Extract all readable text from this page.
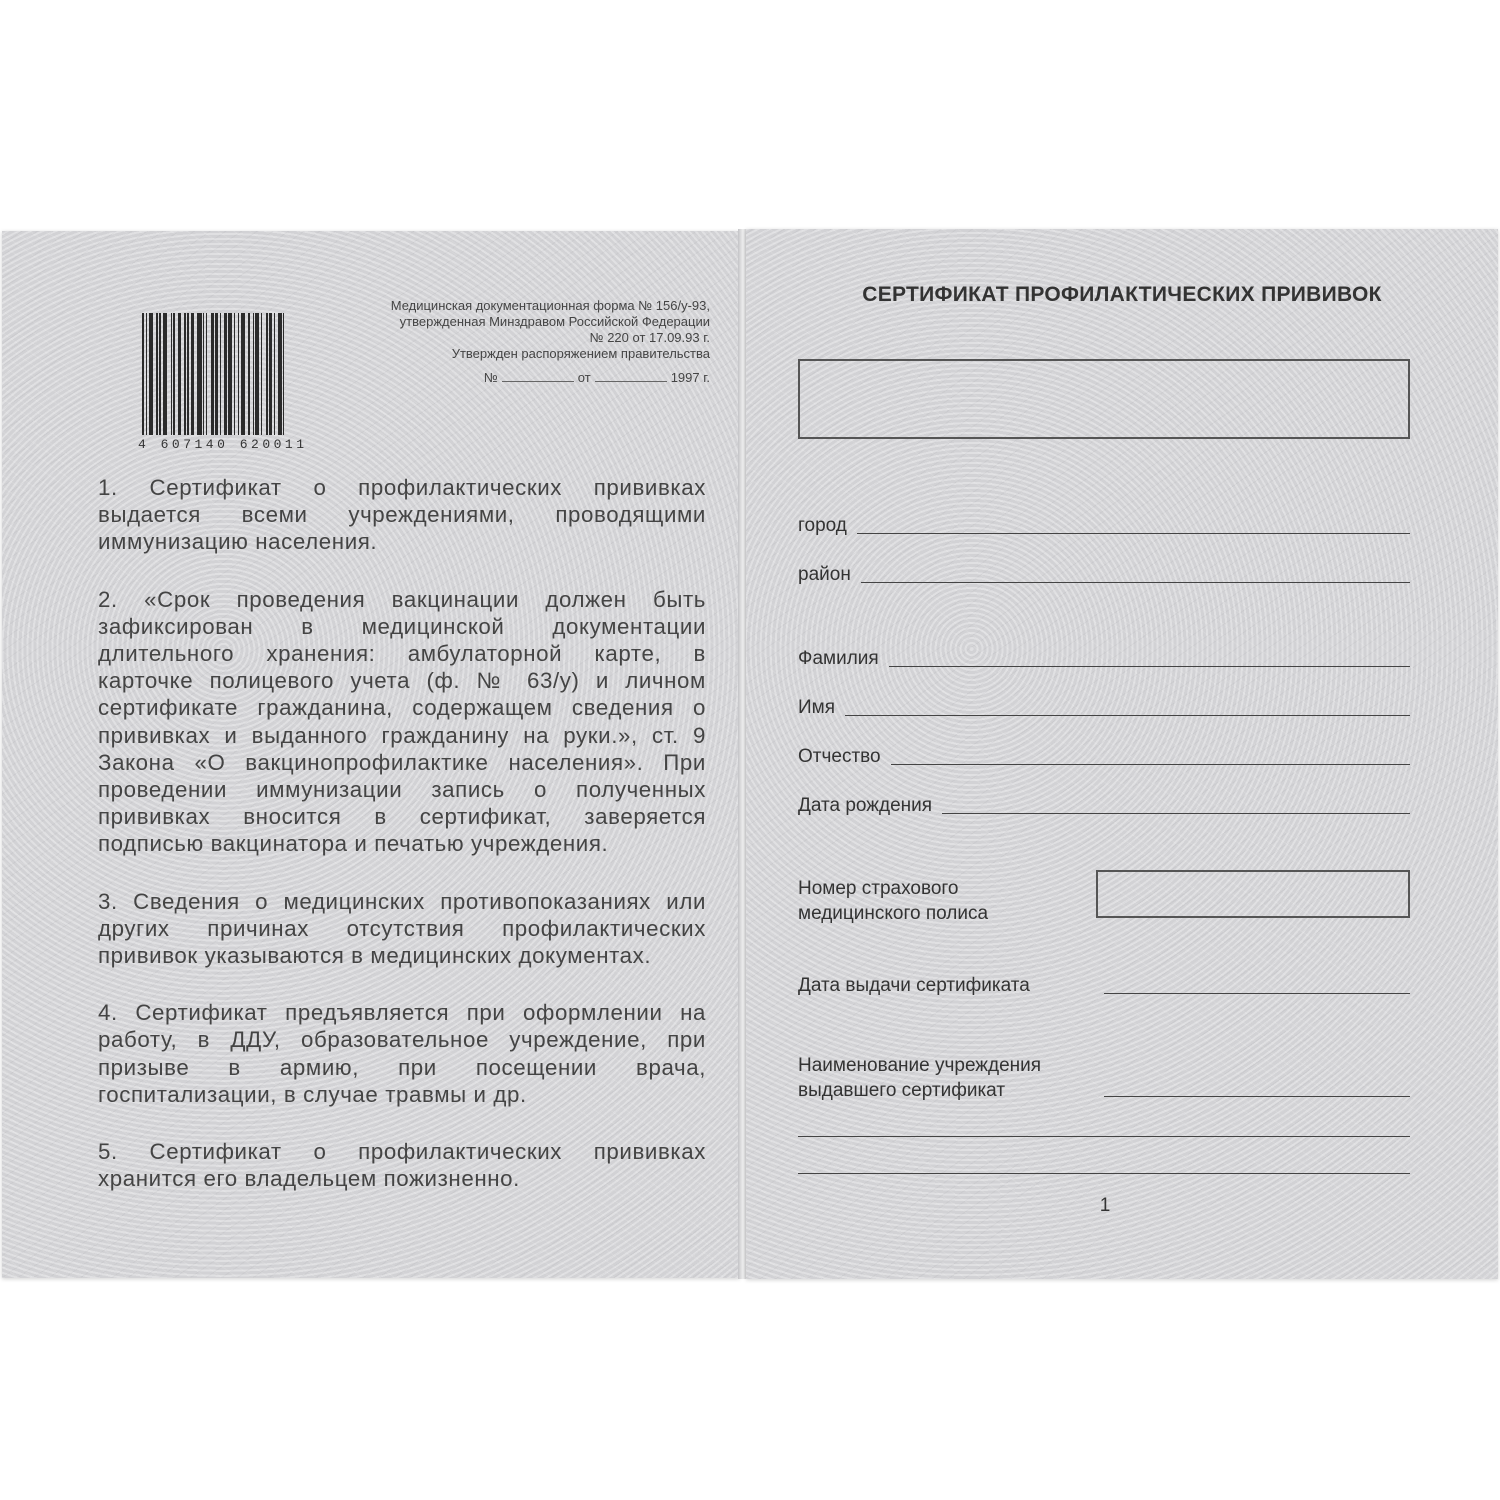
4 607140 620011
Медицинская документационная форма № 156/у-93,
утвержденная Минздравом Российской Федерации
№ 220 от 17.09.93 г.
Утвержден распоряжением правительства
№	от	1997 г.

1. Сертификат о профилактических прививках выдается всеми учреждениями, проводящими иммунизацию населения.

2. «Срок проведения вакцинации должен быть зафиксирован в медицинской документации длительного хранения: амбулаторной карте, в карточке полицевого учета (ф. № 63/у) и личном сертификате гражданина, содержащем сведения о прививках и выданного гражданину на руки.», ст. 9 Закона «О вакцинопрофилактике населения». При проведении иммунизации запись о полученных прививках вносится в сертификат, заверяется подписью вакцинатора и печатью учреждения.

3. Сведения о медицинских противопоказаниях или других причинах отсутствия профилактических прививок указываются в медицинских документах.

4. Сертификат предъявляется при оформлении на работу, в ДДУ, образовательное учреждение, при призыве в армию, при посещении врача, госпитализации, в случае травмы и др.

5. Сертификат о профилактических прививках хранится его владельцем пожизненно.

СЕРТИФИКАТ ПРОФИЛАКТИЧЕСКИХ ПРИВИВОК
город
район
Фамилия
Имя
Отчество
Дата рождения
Номер страхового
медицинского полиса
Дата выдачи сертификата
Наименование учреждения
выдавшего сертификат
1
